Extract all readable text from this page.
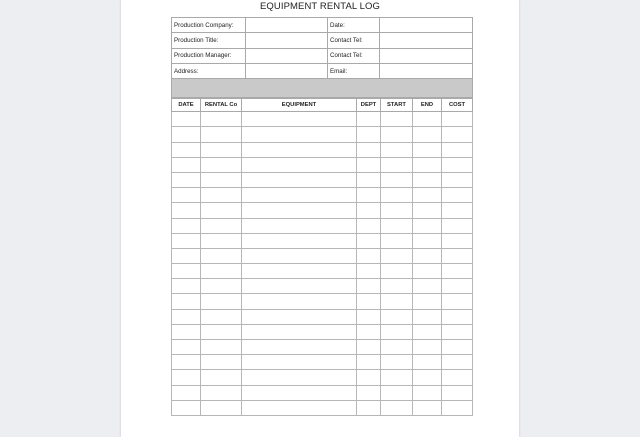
EQUIPMENT RENTAL LOG
Production Company:		Date:	
Production Title:		Contact Tel:	
Production Manager:		Contact Tel:	
Address:		Email:	

DATE	RENTAL Co	EQUIPMENT	DEPT	START	END	COST
